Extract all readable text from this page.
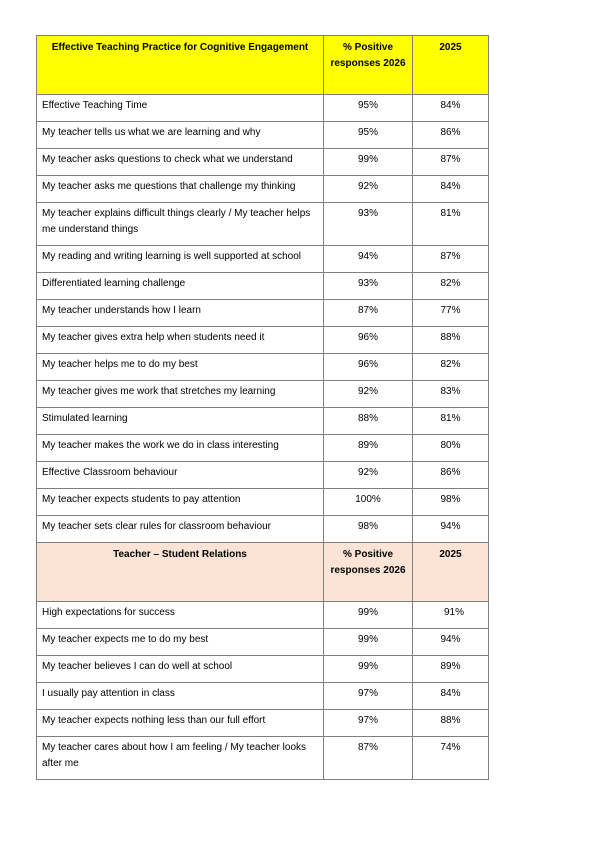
Effective Teaching Practice for Cognitive Engagement	% Positive responses 2026	2025
Effective Teaching Time	95%	84%
My teacher tells us what we are learning and why	95%	86%
My teacher asks questions to check what we understand	99%	87%
My teacher asks me questions that challenge my thinking	92%	84%
My teacher explains difficult things clearly / My teacher helps me understand things	93%	81%
My reading and writing learning is well supported at school	94%	87%
Differentiated learning challenge	93%	82%
My teacher understands how I learn	87%	77%
My teacher gives extra help when students need it	96%	88%
My teacher helps me to do my best	96%	82%
My teacher gives me work that stretches my learning	92%	83%
Stimulated learning	88%	81%
My teacher makes the work we do in class interesting	89%	80%
Effective Classroom behaviour	92%	86%
My teacher expects students to pay attention	100%	98%
My teacher sets clear rules for classroom behaviour	98%	94%
Teacher – Student Relations	% Positive responses 2026	2025
High expectations for success	99%	91%
My teacher expects me to do my best	99%	94%
My teacher believes I can do well at school	99%	89%
I usually pay attention in class	97%	84%
My teacher expects nothing less than our full effort	97%	88%
My teacher cares about how I am feeling / My teacher looks after me	87%	74%
